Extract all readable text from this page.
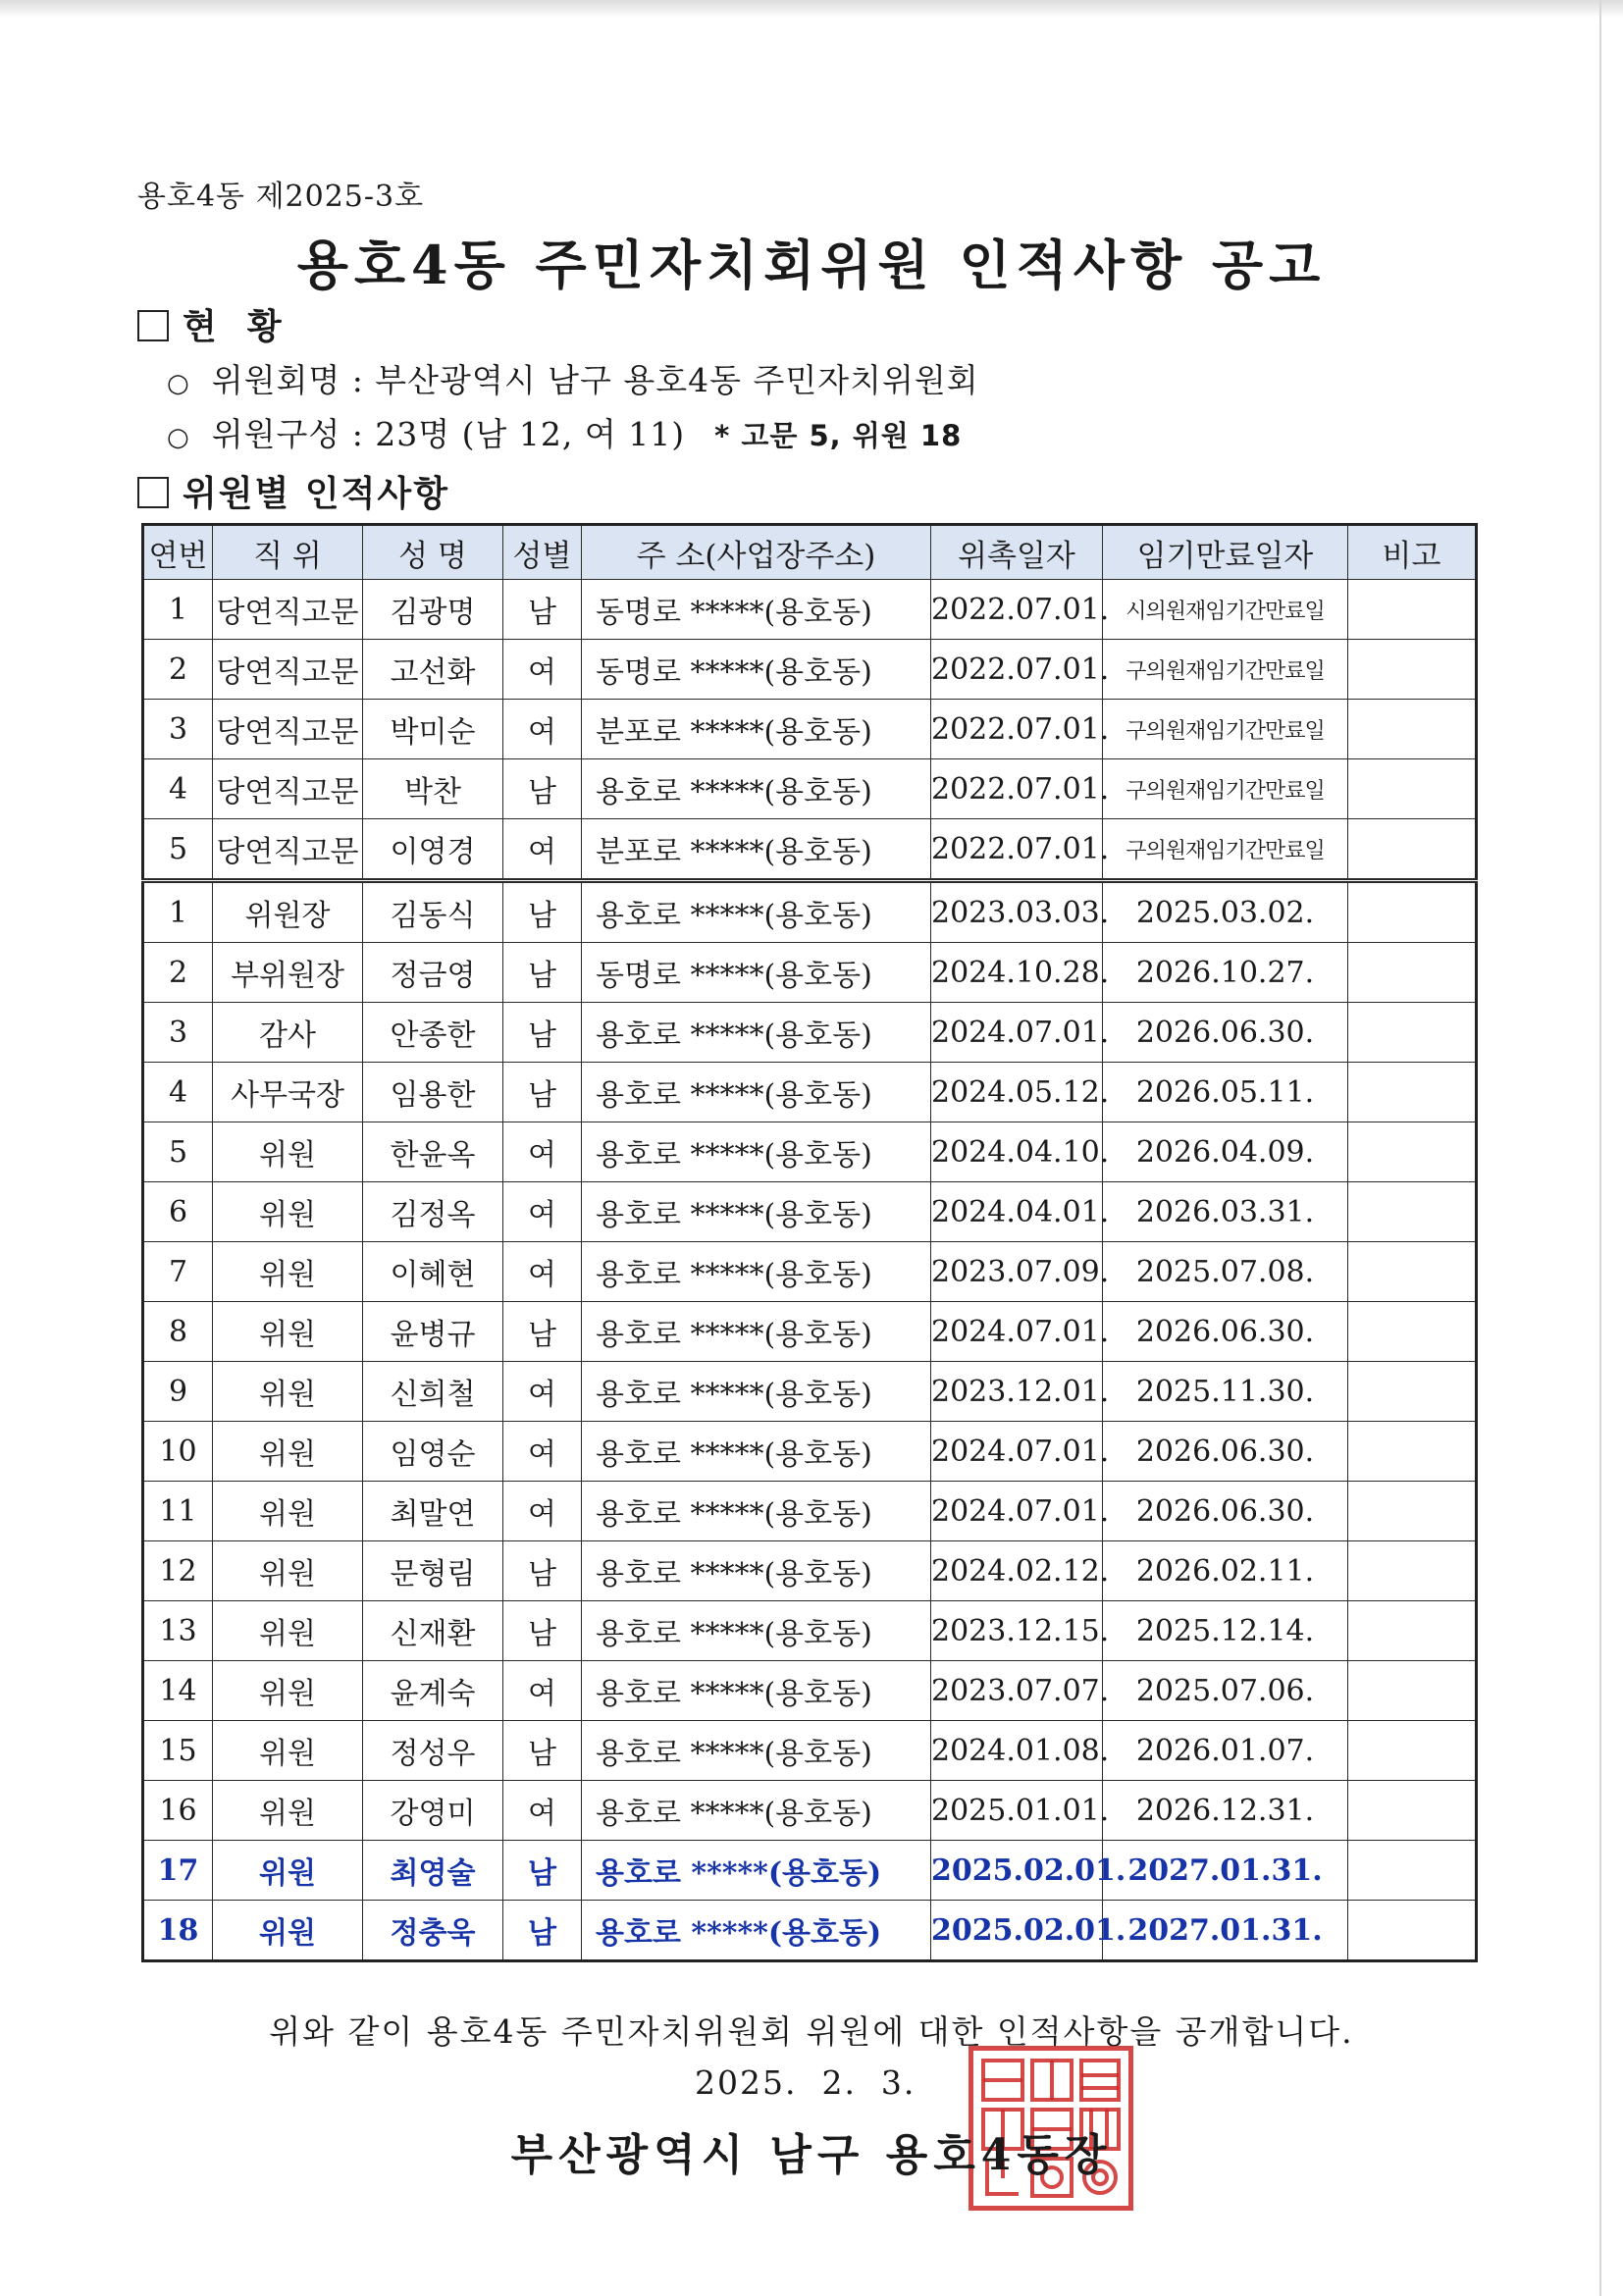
용호4동 제2025-3호
용호4동 주민자치회위원 인적사항 공고
현  황
○ 위원회명 : 부산광역시 남구 용호4동 주민자치위원회
○ 위원구성 : 23명 (남 12, 여 11) * 고문 5, 위원 18
위원별 인적사항
연번	직 위	성 명	성별	주 소(사업장주소)	위촉일자	임기만료일자	비고
1	당연직고문	김광명	남	동명로 *****(용호동)	2022.07.01.	시의원재임기간만료일	
2	당연직고문	고선화	여	동명로 *****(용호동)	2022.07.01.	구의원재임기간만료일	
3	당연직고문	박미순	여	분포로 *****(용호동)	2022.07.01.	구의원재임기간만료일	
4	당연직고문	박찬	남	용호로 *****(용호동)	2022.07.01.	구의원재임기간만료일	
5	당연직고문	이영경	여	분포로 *****(용호동)	2022.07.01.	구의원재임기간만료일	
1	위원장	김동식	남	용호로 *****(용호동)	2023.03.03.	2025.03.02.	
2	부위원장	정금영	남	동명로 *****(용호동)	2024.10.28.	2026.10.27.	
3	감사	안종한	남	용호로 *****(용호동)	2024.07.01.	2026.06.30.	
4	사무국장	임용한	남	용호로 *****(용호동)	2024.05.12.	2026.05.11.	
5	위원	한윤옥	여	용호로 *****(용호동)	2024.04.10.	2026.04.09.	
6	위원	김정옥	여	용호로 *****(용호동)	2024.04.01.	2026.03.31.	
7	위원	이혜현	여	용호로 *****(용호동)	2023.07.09.	2025.07.08.	
8	위원	윤병규	남	용호로 *****(용호동)	2024.07.01.	2026.06.30.	
9	위원	신희철	여	용호로 *****(용호동)	2023.12.01.	2025.11.30.	
10	위원	임영순	여	용호로 *****(용호동)	2024.07.01.	2026.06.30.	
11	위원	최말연	여	용호로 *****(용호동)	2024.07.01.	2026.06.30.	
12	위원	문형림	남	용호로 *****(용호동)	2024.02.12.	2026.02.11.	
13	위원	신재환	남	용호로 *****(용호동)	2023.12.15.	2025.12.14.	
14	위원	윤계숙	여	용호로 *****(용호동)	2023.07.07.	2025.07.06.	
15	위원	정성우	남	용호로 *****(용호동)	2024.01.08.	2026.01.07.	
16	위원	강영미	여	용호로 *****(용호동)	2025.01.01.	2026.12.31.	
17	위원	최영술	남	용호로 *****(용호동)	2025.02.01.	2027.01.31.	
18	위원	정충욱	남	용호로 *****(용호동)	2025.02.01.	2027.01.31.	
위와 같이 용호4동 주민자치위원회 위원에 대한 인적사항을 공개합니다.
2025.  2.  3.
부산광역시 남구 용호4동장
